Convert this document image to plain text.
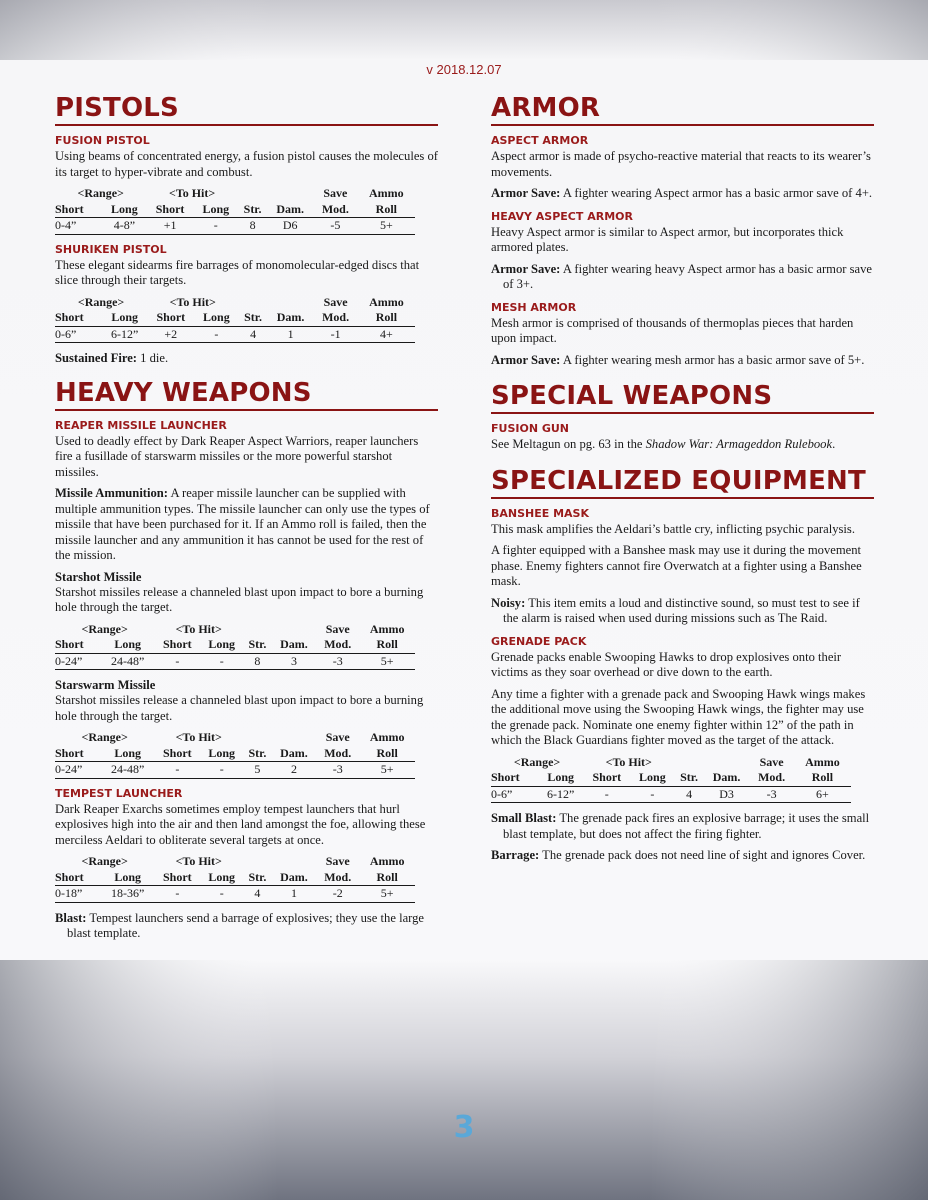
v 2018.12.07
PISTOLS
FUSION PISTOL

Using beams of concentrated energy, a fusion pistol causes the molecules of its target to hyper-vibrate and combust.

˂Range˃		˂To Hit˃				Save	Ammo
Short	Long	Short	Long	Str.	Dam.	Mod.	Roll
0-4”	4-8”	+1	-	8	D6	-5	5+
SHURIKEN PISTOL

These elegant sidearms fire barrages of monomolecular-edged discs that slice through their targets.

˂Range˃		˂To Hit˃				Save	Ammo
Short	Long	Short	Long	Str.	Dam.	Mod.	Roll
0-6”	6-12”	+2	-	4	1	-1	4+

Sustained Fire: 1 die.

HEAVY WEAPONS
REAPER MISSILE LAUNCHER

Used to deadly effect by Dark Reaper Aspect Warriors, reaper launchers fire a fusillade of starswarm missiles or the more powerful starshot missiles.

Missile Ammunition: A reaper missile launcher can be supplied with multiple ammunition types. The missile launcher can only use the types of missile that have been purchased for it. If an Ammo roll is failed, then the missile launcher and any ammunition it has cannot be used for the rest of the mission.

Starshot Missile

Starshot missiles release a channeled blast upon impact to bore a burning hole through the target.

˂Range˃		˂To Hit˃				Save	Ammo
Short	Long	Short	Long	Str.	Dam.	Mod.	Roll
0-24”	24-48”	-	-	8	3	-3	5+
Starswarm Missile

Starshot missiles release a channeled blast upon impact to bore a burning hole through the target.

˂Range˃		˂To Hit˃				Save	Ammo
Short	Long	Short	Long	Str.	Dam.	Mod.	Roll
0-24”	24-48”	-	-	5	2	-3	5+
TEMPEST LAUNCHER

Dark Reaper Exarchs sometimes employ tempest launchers that hurl explosives high into the air and then land amongst the foe, allowing these merciless Aeldari to obliterate several targets at once.

˂Range˃		˂To Hit˃				Save	Ammo
Short	Long	Short	Long	Str.	Dam.	Mod.	Roll
0-18”	18-36”	-	-	4	1	-2	5+

Blast: Tempest launchers send a barrage of explosives; they use the large blast template.

ARMOR
ASPECT ARMOR

Aspect armor is made of psycho-reactive material that reacts to its wearer’s movements.

Armor Save: A fighter wearing Aspect armor has a basic armor save of 4+.

HEAVY ASPECT ARMOR

Heavy Aspect armor is similar to Aspect armor, but incorporates thick armored plates.

Armor Save: A fighter wearing heavy Aspect armor has a basic armor save of 3+.

MESH ARMOR

Mesh armor is comprised of thousands of thermoplas pieces that harden upon impact.

Armor Save: A fighter wearing mesh armor has a basic armor save of 5+.

SPECIAL WEAPONS
FUSION GUN

See Meltagun on pg. 63 in the Shadow War: Armageddon Rulebook.

SPECIALIZED EQUIPMENT
BANSHEE MASK

This mask amplifies the Aeldari’s battle cry, inflicting psychic paralysis.

A fighter equipped with a Banshee mask may use it during the movement phase. Enemy fighters cannot fire Overwatch at a fighter using a Banshee mask.

Noisy: This item emits a loud and distinctive sound, so must test to see if the alarm is raised when used during missions such as The Raid.

GRENADE PACK

Grenade packs enable Swooping Hawks to drop explosives onto their victims as they soar overhead or dive down to the earth.

Any time a fighter with a grenade pack and Swooping Hawk wings makes the additional move using the Swooping Hawk wings, the fighter may use the grenade pack. Nominate one enemy fighter within 12” of the path in which the Black Guardians fighter moved as the target of the attack.

˂Range˃		˂To Hit˃				Save	Ammo
Short	Long	Short	Long	Str.	Dam.	Mod.	Roll
0-6”	6-12”	-	-	4	D3	-3	6+

Small Blast: The grenade pack fires an explosive barrage; it uses the small blast template, but does not affect the firing fighter.

Barrage: The grenade pack does not need line of sight and ignores Cover.

3
